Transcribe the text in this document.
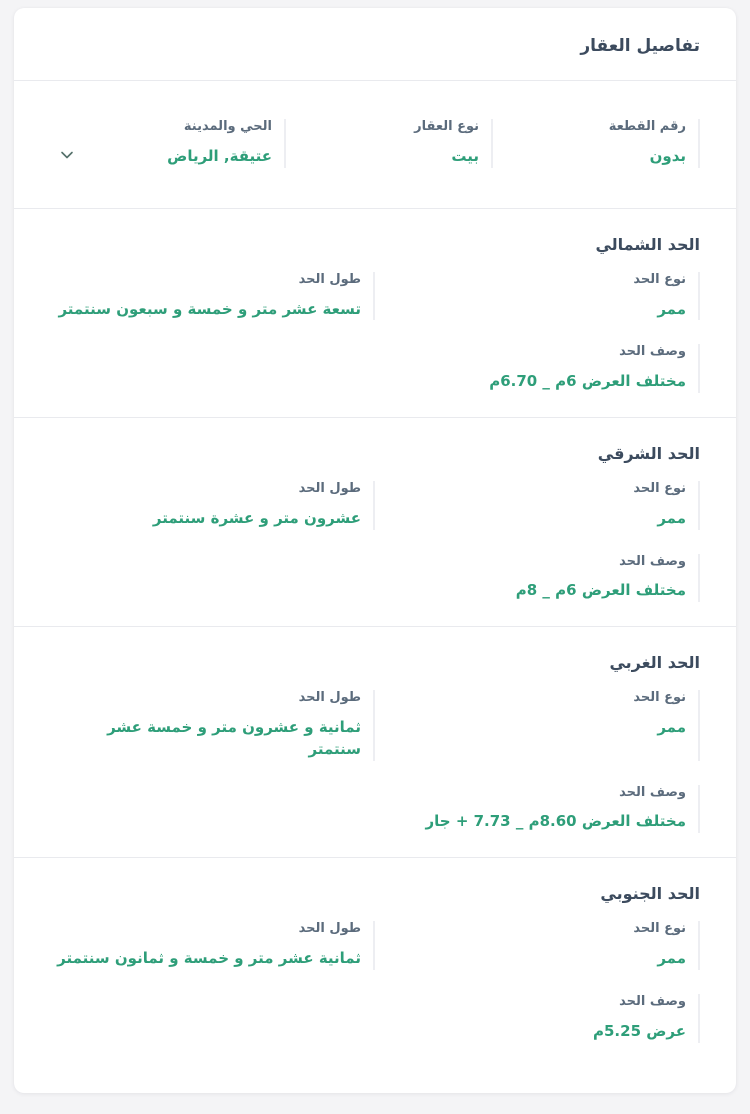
تفاصيل العقار
رقم القطعة
بدون
نوع العقار
بيت
الحي والمدينة
عتيقة, الرياض
الحد الشمالي
نوع الحد
ممر
طول الحد
تسعة عشر متر و خمسة و سبعون سنتمتر
وصف الحد
مختلف العرض 6م _ 6.70م
الحد الشرقي
نوع الحد
ممر
طول الحد
عشرون متر و عشرة سنتمتر
وصف الحد
مختلف العرض 6م _ 8م
الحد الغربي
نوع الحد
ممر
طول الحد
ثمانية و عشرون متر و خمسة عشر سنتمتر
وصف الحد
مختلف العرض 8.60م _ 7.73 + جار
الحد الجنوبي
نوع الحد
ممر
طول الحد
ثمانية عشر متر و خمسة و ثمانون سنتمتر
وصف الحد
عرض 5.25م
